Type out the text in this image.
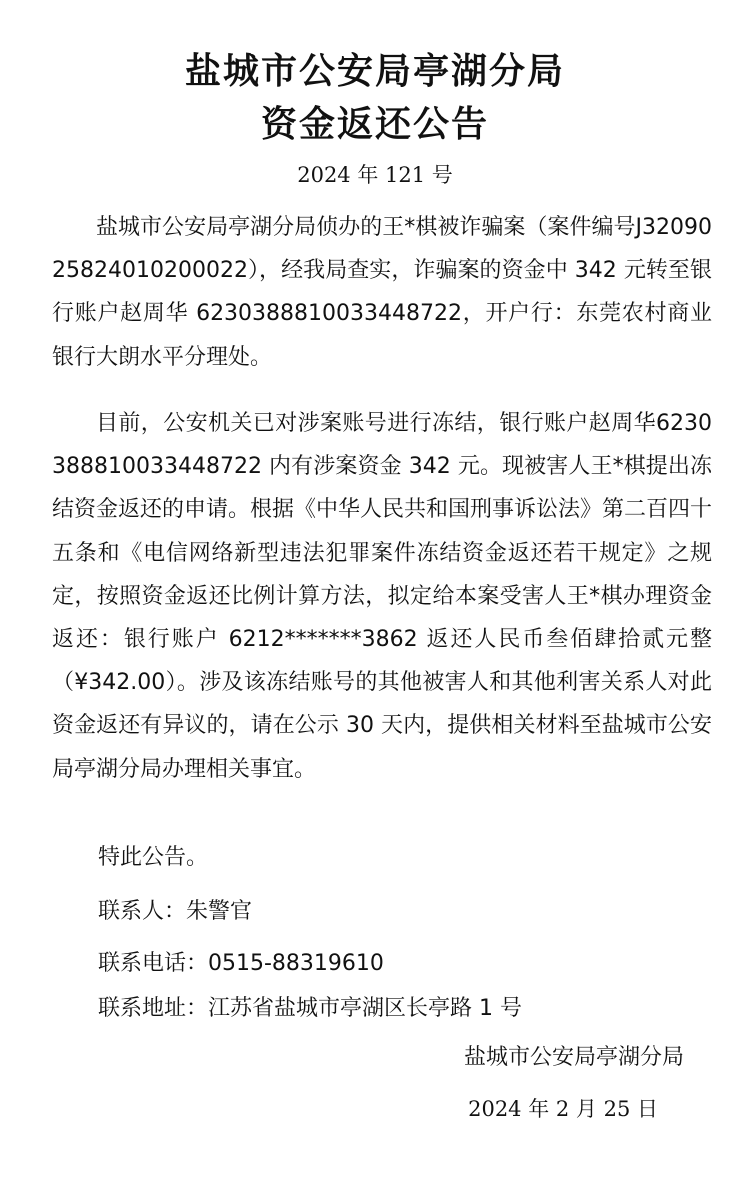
盐城市公安局亭湖分局
资金返还公告

2024 年 121 号

盐城市公安局亭湖分局侦办的王*棋被诈骗案（案件编号J3209025824010200022），经我局查实，诈骗案的资金中 342 元转至银行账户赵周华 6230388810033448722，开户行：东莞农村商业银行大朗水平分理处。

目前，公安机关已对涉案账号进行冻结，银行账户赵周华6230388810033448722 内有涉案资金 342 元。现被害人王*棋提出冻结资金返还的申请。根据《中华人民共和国刑事诉讼法》第二百四十五条和《电信网络新型违法犯罪案件冻结资金返还若干规定》之规定，按照资金返还比例计算方法，拟定给本案受害人王*棋办理资金返还：银行账户 6212*******3862 返还人民币叁佰肆拾贰元整（¥342.00）。涉及该冻结账号的其他被害人和其他利害关系人对此资金返还有异议的，请在公示 30 天内，提供相关材料至盐城市公安局亭湖分局办理相关事宜。

特此公告。

联系人：朱警官

联系电话：0515-88319610

联系地址：江苏省盐城市亭湖区长亭路 1 号

盐城市公安局亭湖分局

2024 年 2 月 25 日
